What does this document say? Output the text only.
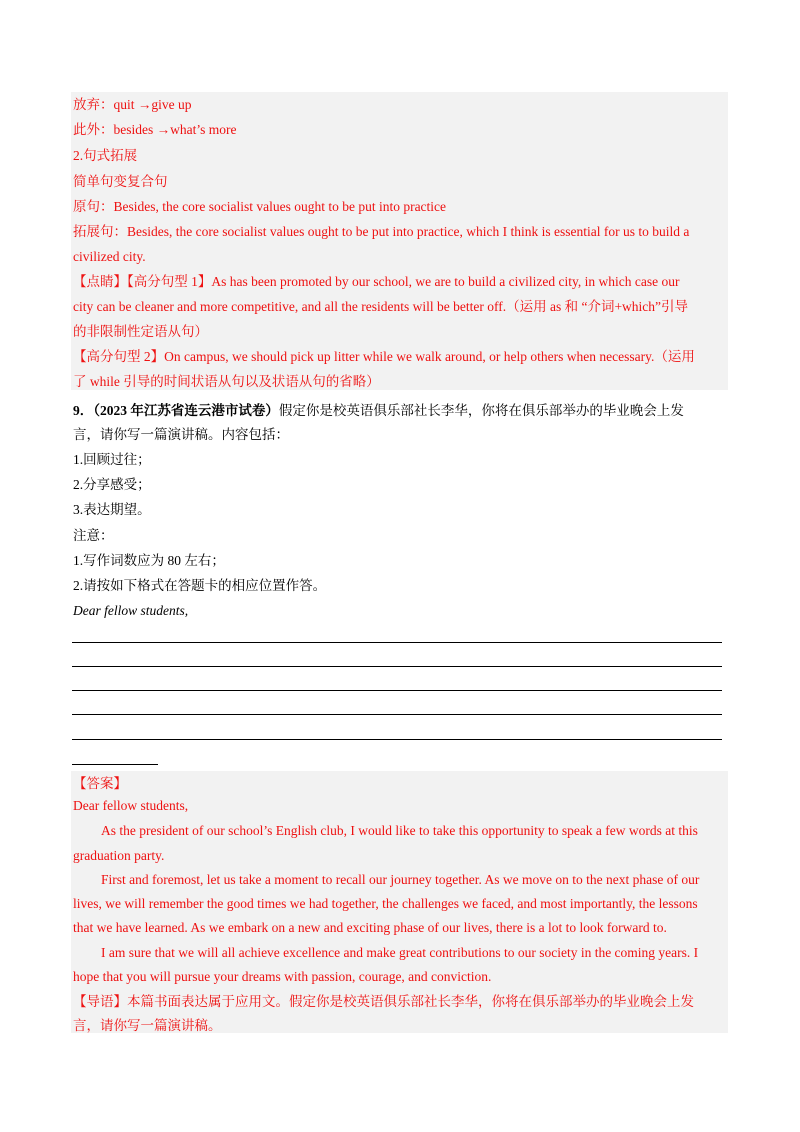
放弃：quit →give up
此外：besides →what’s more
2.句式拓展
简单句变复合句
原句：Besides, the core socialist values ought to be put into practice
拓展句：Besides, the core socialist values ought to be put into practice, which I think is essential for us to build a
civilized city.
【点睛】【高分句型 1】As has been promoted by our school, we are to build a civilized city, in which case our
city can be cleaner and more competitive, and all the residents will be better off.（运用 as 和 “介词+which”引导
的非限制性定语从句）
【高分句型 2】On campus, we should pick up litter while we walk around, or help others when necessary.（运用
了 while 引导的时间状语从句以及状语从句的省略）
9．（2023 年江苏省连云港市试卷）假定你是校英语俱乐部社长李华，你将在俱乐部举办的毕业晚会上发
言，请你写一篇演讲稿。内容包括：
1.回顾过往；
2.分享感受；
3.表达期望。
注意：
1.写作词数应为 80 左右；
2.请按如下格式在答题卡的相应位置作答。
Dear fellow students,
【答案】
Dear fellow students,
As the president of our school’s English club, I would like to take this opportunity to speak a few words at this
graduation party.
First and foremost, let us take a moment to recall our journey together. As we move on to the next phase of our
lives, we will remember the good times we had together, the challenges we faced, and most importantly, the lessons
that we have learned. As we embark on a new and exciting phase of our lives, there is a lot to look forward to.
I am sure that we will all achieve excellence and make great contributions to our society in the coming years. I
hope that you will pursue your dreams with passion, courage, and conviction.
【导语】本篇书面表达属于应用文。假定你是校英语俱乐部社长李华，你将在俱乐部举办的毕业晚会上发
言，请你写一篇演讲稿。
